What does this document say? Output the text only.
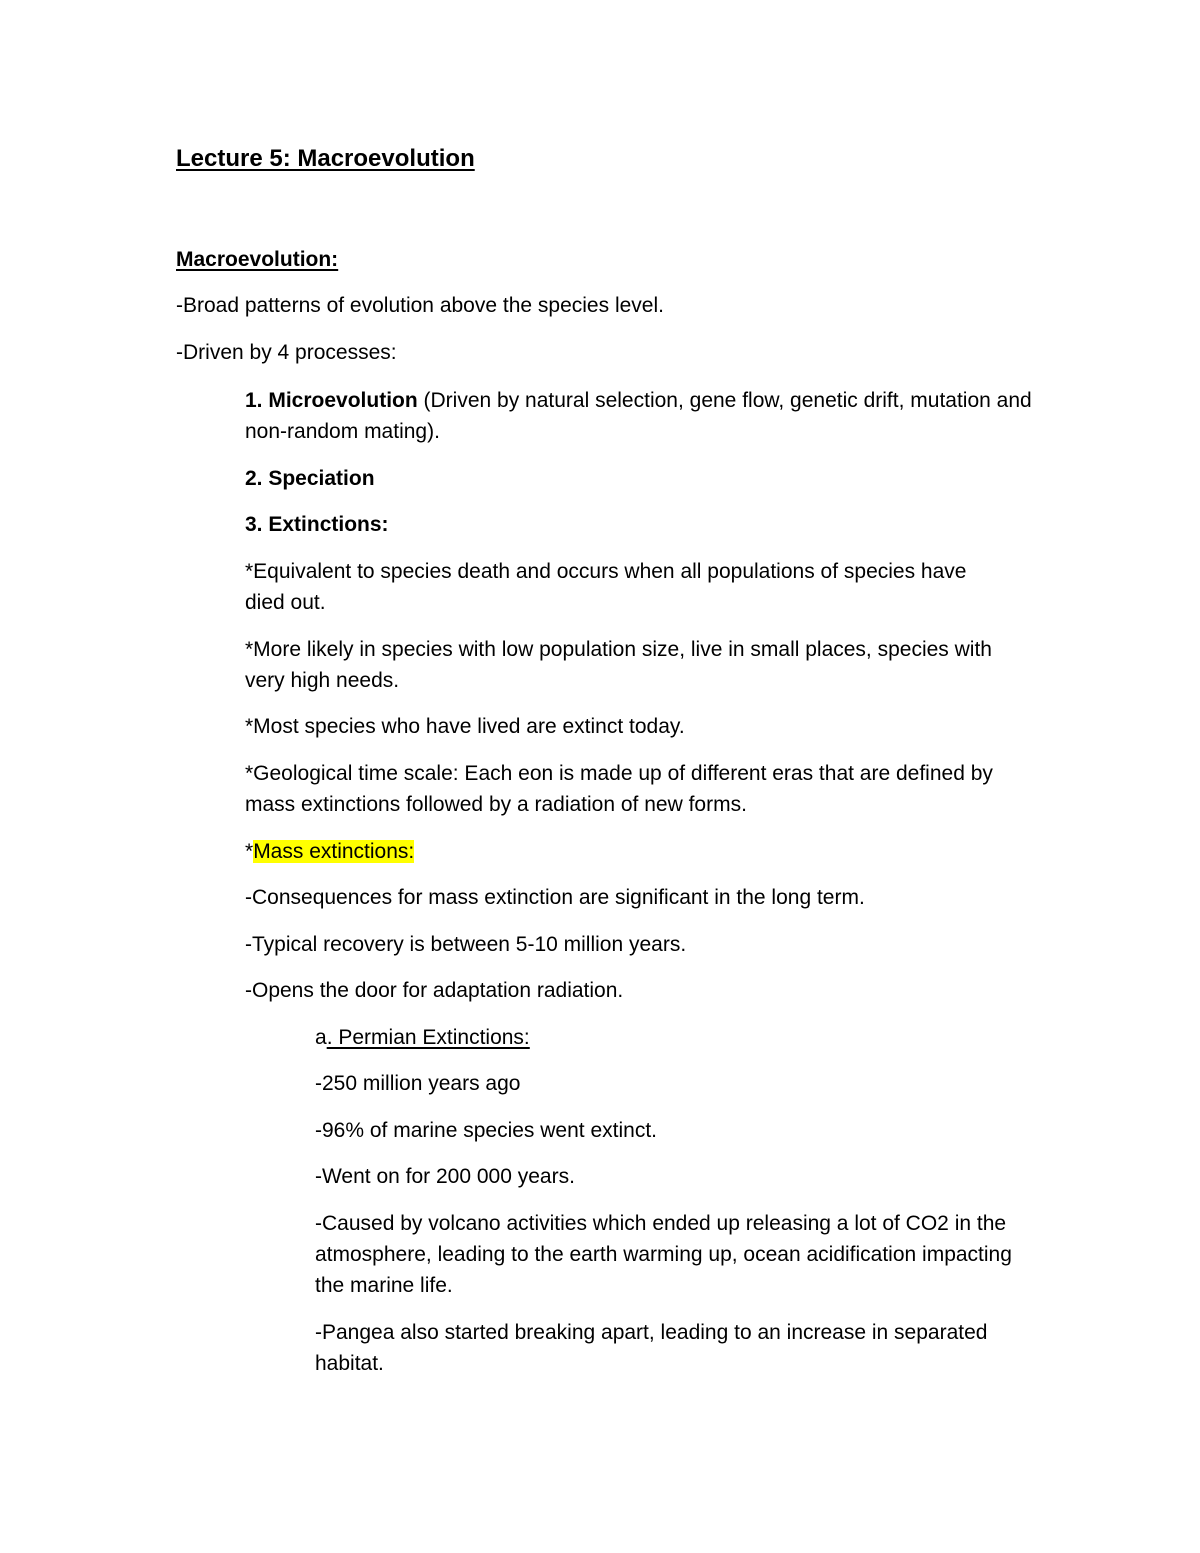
Lecture 5: Macroevolution
Macroevolution:
-Broad patterns of evolution above the species level.
-Driven by 4 processes:
1. Microevolution (Driven by natural selection, gene flow, genetic drift, mutation and non-random mating).
2. Speciation
3. Extinctions:
*Equivalent to species death and occurs when all populations of species have died out.
*More likely in species with low population size, live in small places, species with very high needs.
*Most species who have lived are extinct today.
*Geological time scale: Each eon is made up of different eras that are defined by mass extinctions followed by a radiation of new forms.
*Mass extinctions:
-Consequences for mass extinction are significant in the long term.
-Typical recovery is between 5-10 million years.
-Opens the door for adaptation radiation.
a. Permian Extinctions:
-250 million years ago
-96% of marine species went extinct.
-Went on for 200 000 years.
-Caused by volcano activities which ended up releasing a lot of CO2 in the atmosphere, leading to the earth warming up, ocean acidification impacting the marine life.
-Pangea also started breaking apart, leading to an increase in separated habitat.
